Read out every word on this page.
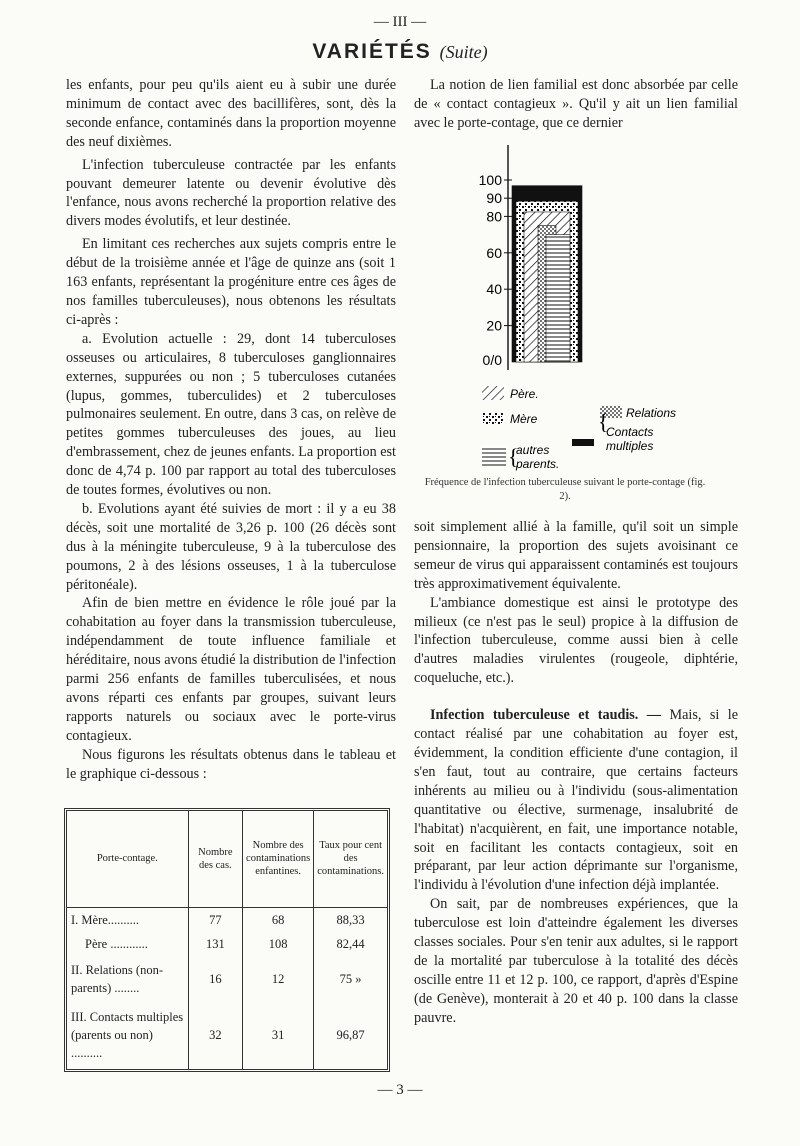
— III —
VARIÉTÉS (Suite)

les enfants, pour peu qu'ils aient eu à subir une durée minimum de contact avec des bacillifères, sont, dès la seconde enfance, contaminés dans la proportion moyenne des neuf dixièmes.

L'infection tuberculeuse contractée par les enfants pouvant demeurer latente ou devenir évolutive dès l'enfance, nous avons recherché la proportion relative des divers modes évolutifs, et leur destinée.

En limitant ces recherches aux sujets compris entre le début de la troisième année et l'âge de quinze ans (soit 1 163 enfants, représentant la progéniture entre ces âges de nos familles tuberculeuses), nous obtenons les résultats ci-après :

a. Evolution actuelle : 29, dont 14 tuberculoses osseuses ou articulaires, 8 tuberculoses ganglionnaires externes, suppurées ou non ; 5 tuberculoses cutanées (lupus, gommes, tuberculides) et 2 tuberculoses pulmonaires seulement. En outre, dans 3 cas, on relève de petites gommes tuberculeuses des joues, au lieu d'embrassement, chez de jeunes enfants. La proportion est donc de 4,74 p. 100 par rapport au total des tuberculoses de toutes formes, évolutives ou non.

b. Evolutions ayant été suivies de mort : il y a eu 38 décès, soit une mortalité de 3,26 p. 100 (26 décès sont dus à la méningite tuberculeuse, 9 à la tuberculose des poumons, 2 à des lésions osseuses, 1 à la tuberculose péritonéale).

Afin de bien mettre en évidence le rôle joué par la cohabitation au foyer dans la transmission tuberculeuse, indépendamment de toute influence familiale et héréditaire, nous avons étudié la distribution de l'infection parmi 256 enfants de familles tuberculisées, et nous avons réparti ces enfants par groupes, suivant leurs rapports naturels ou sociaux avec le porte-virus contagieux.

Nous figurons les résultats obtenus dans le tableau et le graphique ci-dessous :

Porte-contage.	Nombre des cas.	Nombre des contaminations enfantines.	Taux pour cent des contaminations.
I. Mère..........	77	68	88,33
Père ............	131	108	82,44
II. Relations (non-parents) ........	16	12	75 »
III. Contacts multiples (parents ou non) ..........	32	31	96,87

La notion de lien familial est donc absorbée par celle de « contact contagieux ». Qu'il y ait un lien familial avec le porte-contage, que ce dernier

100
90
80
60
40
20
0/0
Père.
Mère	Relations
{
Contacts
multiples
{
autres
parents.
Fréquence de l'infection tuberculeuse suivant le porte-contage (fig. 2).

soit simplement allié à la famille, qu'il soit un simple pensionnaire, la proportion des sujets avoisinant ce semeur de virus qui apparaissent contaminés est toujours très approximativement équivalente.

L'ambiance domestique est ainsi le prototype des milieux (ce n'est pas le seul) propice à la diffusion de l'infection tuberculeuse, comme aussi bien à celle d'autres maladies virulentes (rougeole, diphtérie, coqueluche, etc.).

Infection tuberculeuse et taudis. — Mais, si le contact réalisé par une cohabitation au foyer est, évidemment, la condition efficiente d'une contagion, il s'en faut, tout au contraire, que certains facteurs inhérents au milieu ou à l'individu (sous-alimentation quantitative ou élective, surmenage, insalubrité de l'habitat) n'acquièrent, en fait, une importance notable, soit en facilitant les contacts contagieux, soit en préparant, par leur action déprimante sur l'organisme, l'individu à l'évolution d'une infection déjà implantée.

On sait, par de nombreuses expériences, que la tuberculose est loin d'atteindre également les diverses classes sociales. Pour s'en tenir aux adultes, si le rapport de la mortalité par tuberculose à la totalité des décès oscille entre 11 et 12 p. 100, ce rapport, d'après d'Espine (de Genève), monterait à 20 et 40 p. 100 dans la classe pauvre.

— 3 —
